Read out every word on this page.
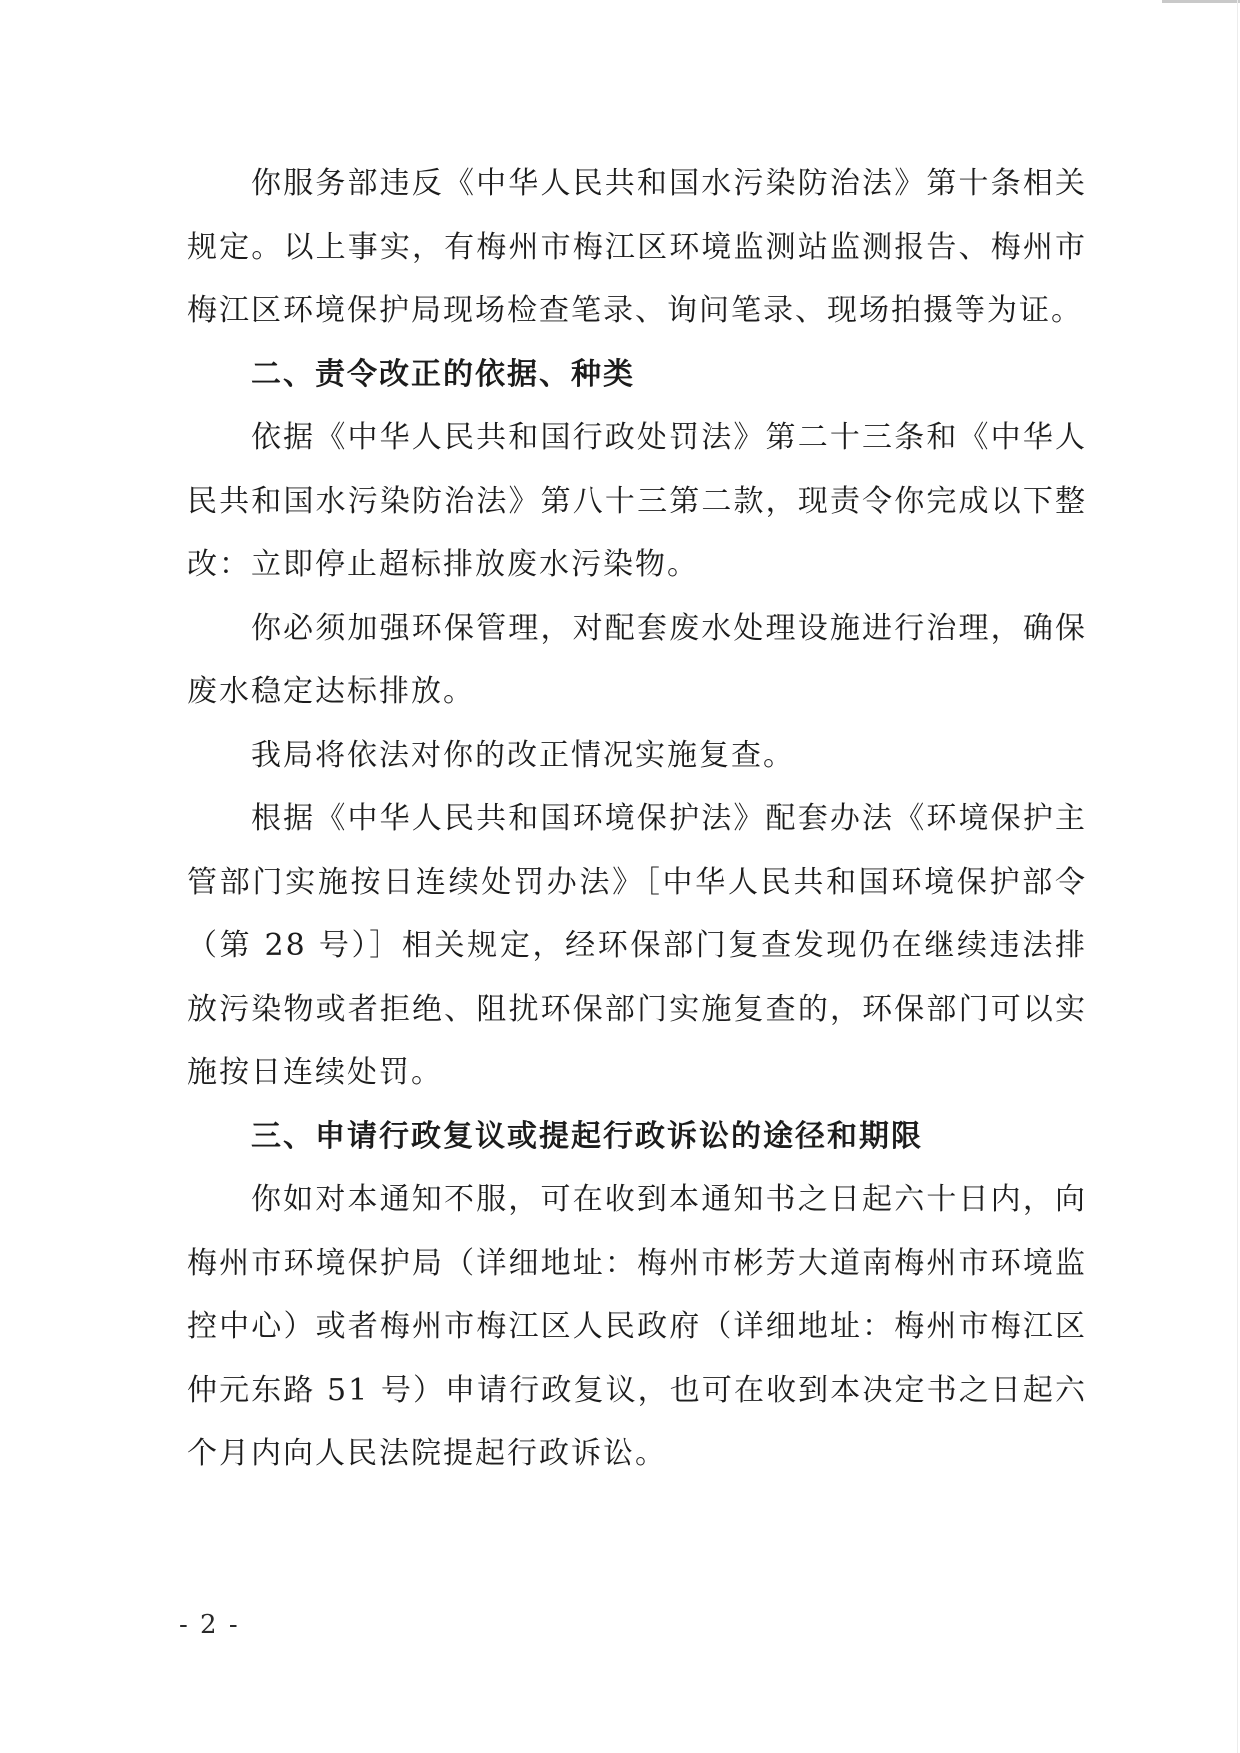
你服务部违反《中华人民共和国水污染防治法》第十条相关规定。以上事实，有梅州市梅江区环境监测站监测报告、梅州市梅江区环境保护局现场检查笔录、询问笔录、现场拍摄等为证。

二、责令改正的依据、种类

依据《中华人民共和国行政处罚法》第二十三条和《中华人民共和国水污染防治法》第八十三第二款，现责令你完成以下整改：立即停止超标排放废水污染物。

你必须加强环保管理，对配套废水处理设施进行治理，确保废水稳定达标排放。

我局将依法对你的改正情况实施复查。

根据《中华人民共和国环境保护法》配套办法《环境保护主管部门实施按日连续处罚办法》［中华人民共和国环境保护部令（第 28 号）］相关规定，经环保部门复查发现仍在继续违法排放污染物或者拒绝、阻扰环保部门实施复查的，环保部门可以实施按日连续处罚。

三、申请行政复议或提起行政诉讼的途径和期限

你如对本通知不服，可在收到本通知书之日起六十日内，向梅州市环境保护局（详细地址：梅州市彬芳大道南梅州市环境监控中心）或者梅州市梅江区人民政府（详细地址：梅州市梅江区仲元东路 51 号）申请行政复议，也可在收到本决定书之日起六个月内向人民法院提起行政诉讼。

- 2 -
